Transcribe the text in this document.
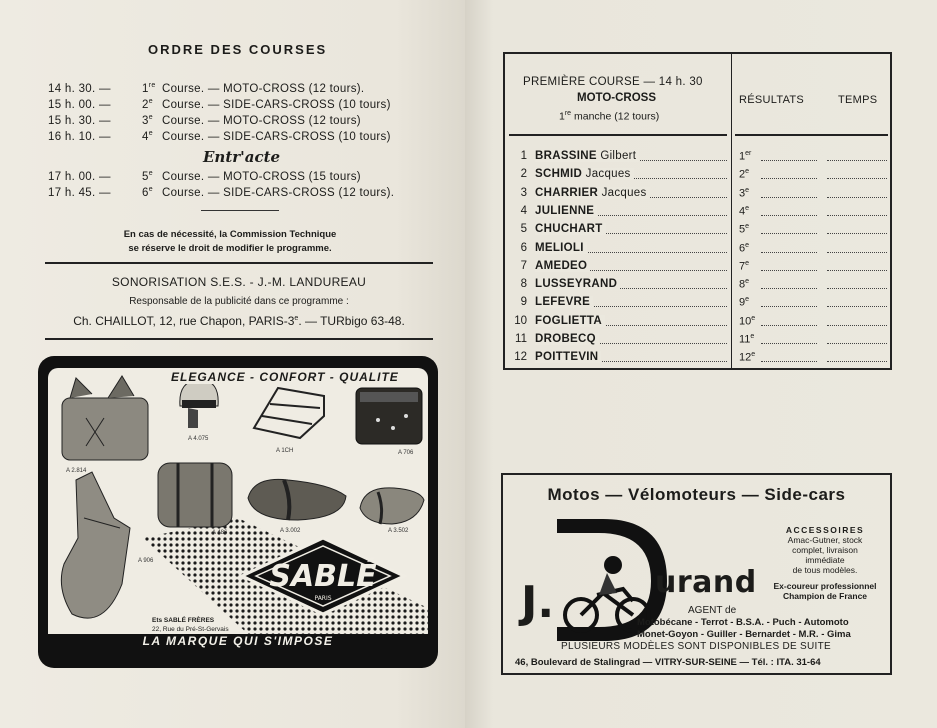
ORDRE DES COURSES
14 h. 30. —	1re Course. — MOTO-CROSS (12 tours).
15 h. 00. —	2e Course. — SIDE-CARS-CROSS (10 tours)
15 h. 30. —	3e Course. — MOTO-CROSS (12 tours)
16 h. 10. —	4e Course. — SIDE-CARS-CROSS (10 tours)
Entr'acte
17 h. 00. —	5e Course. — MOTO-CROSS (15 tours)
17 h. 45. —	6e Course. — SIDE-CARS-CROSS (12 tours).
En cas de nécessité, la Commission Technique
se réserve le droit de modifier le programme.
SONORISATION S.E.S. - J.-M. LANDUREAU
Responsable de la publicité dans ce programme :
Ch. CHAILLOT, 12, rue Chapon, PARIS-3e. — TURbigo 63-48.
ELEGANCE - CONFORT - QUALITE
A 2.814
A 4.075
A 1CH	A 706
A 486	A 3.002	A 3.502
A 906
Ets SABLÉ FRÈRES
22, Rue du Pré-St-Gervais
SABLÉ
PARIS
LA MARQUE QUI S'IMPOSE
PREMIÈRE COURSE — 14 h. 30
MOTO-CROSS
1re manche (12 tours)
RÉSULTATS	TEMPS
1 BRASSINE Gilbert	1er
2 SCHMID Jacques	2e
3 CHARRIER Jacques	3e
4 JULIENNE	4e
5 CHUCHART	5e
6 MELIOLI	6e
7 AMEDEO	7e
8 LUSSEYRAND	8e
9 LEFEVRE	9e
10 FOGLIETTA	10e
11 DROBECQ	11e
12 POITTEVIN	12e
Motos — Vélomoteurs — Side-cars
J.	urand
ACCESSOIRES
Amac-Gutner, stock
complet, livraison
immédiate
de tous modèles.
Ex-coureur professionnel
Champion de France
AGENT de
Motobécane - Terrot - B.S.A. - Puch - Automoto
Monet-Goyon - Guiller - Bernardet - M.R. - Gima
PLUSIEURS MODÈLES SONT DISPONIBLES DE SUITE
46, Boulevard de Stalingrad — VITRY-SUR-SEINE — Tél. : ITA. 31-64
